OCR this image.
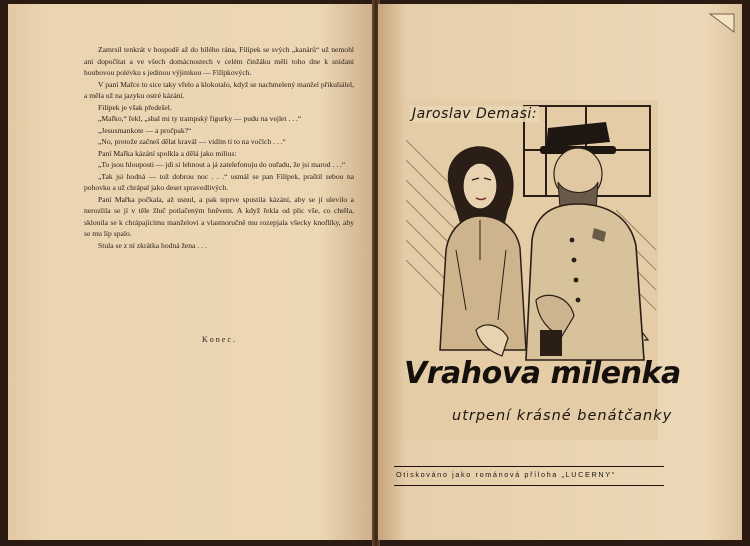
Zamrsil tenkrát v hospodě až do bílého rána, Filípek se svých „kanárů“ už nemohl ani dopočítat a ve všech domácnostech v celém činžáku měli toho dne k snídani houbovou polévku s jedinou výjimkou — Filípkových.

V paní Mařce to sice taky vřelo a klokotalo, když se nachmelený manžel přikuliálel, a měla už na jazyku ostré kázání.

Filípek je však předešel.

„Mařko,“ řekl, „sbal mi ty trampský figurky — pudu na vejlet . . .“

„Jesusmankote — a pročpak?“

„No, protože začneš dělat kravál — vidím ti to na vočích . . .“

Paní Mařka kázání spolkla a dělá jako milius:

„To jsou hlouposti — jdi si lehnout a já zatelefonuju do ouřadu, že jsi marod . . .“

„Tak jsi hodná — tož dobrou noc . . .“ usmál se pan Filípek, praštil sebou na pohovku a už chrápal jako deset spravedlivých.

Paní Mařka počkala, až usnul, a pak teprve spustila kázání, aby se jí ulevilo a nerozlila se jí v těle žluč potlačeným hněvem. A když řekla od plic vše, co chtěla, sklonila se k chrápajícímu manželovi a vlastnoručně mu rozepjala všecky knoflíky, aby se mu líp spalo.

Stula se z ní zkrátka hodná žena . . .

Konec.
Jaroslav Demasi:
Vrahova milenka
utrpení krásné benátčanky
Otiskováno jako románová příloha „LUCERNY“
